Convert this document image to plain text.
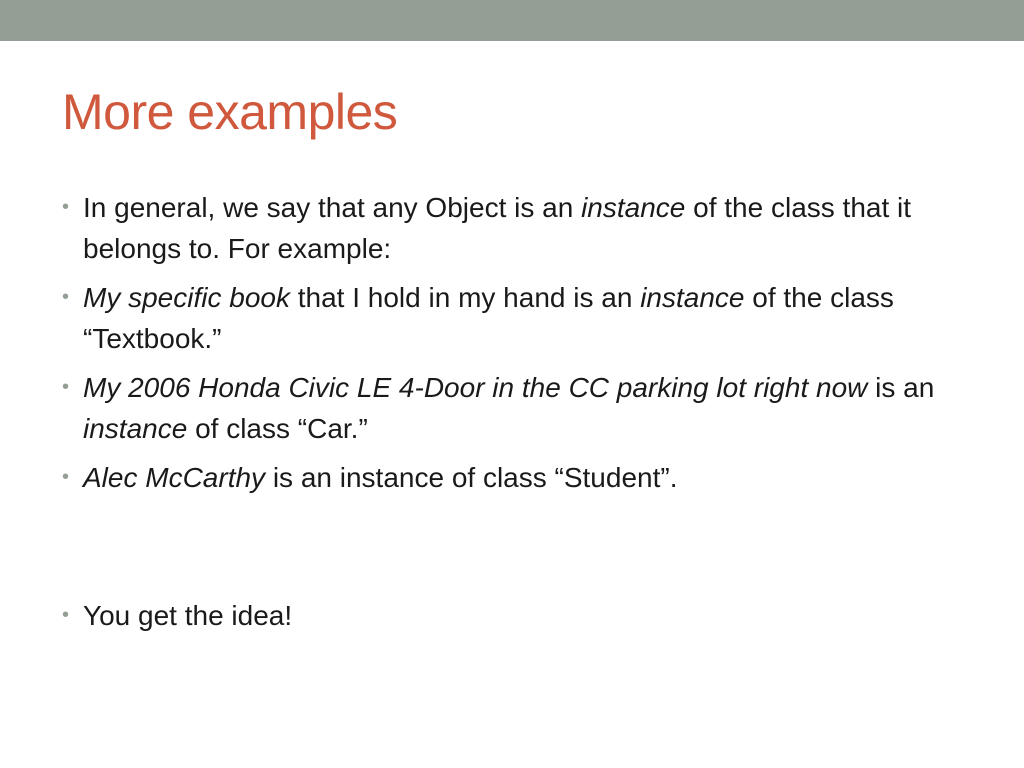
More examples
• In general, we say that any Object is an instance of the class that it belongs to. For example:
• My specific book that I hold in my hand is an instance of the class “Textbook.”
• My 2006 Honda Civic LE 4-Door in the CC parking lot right now is an instance of class “Car.”
• Alec McCarthy is an instance of class “Student”.
• You get the idea!
